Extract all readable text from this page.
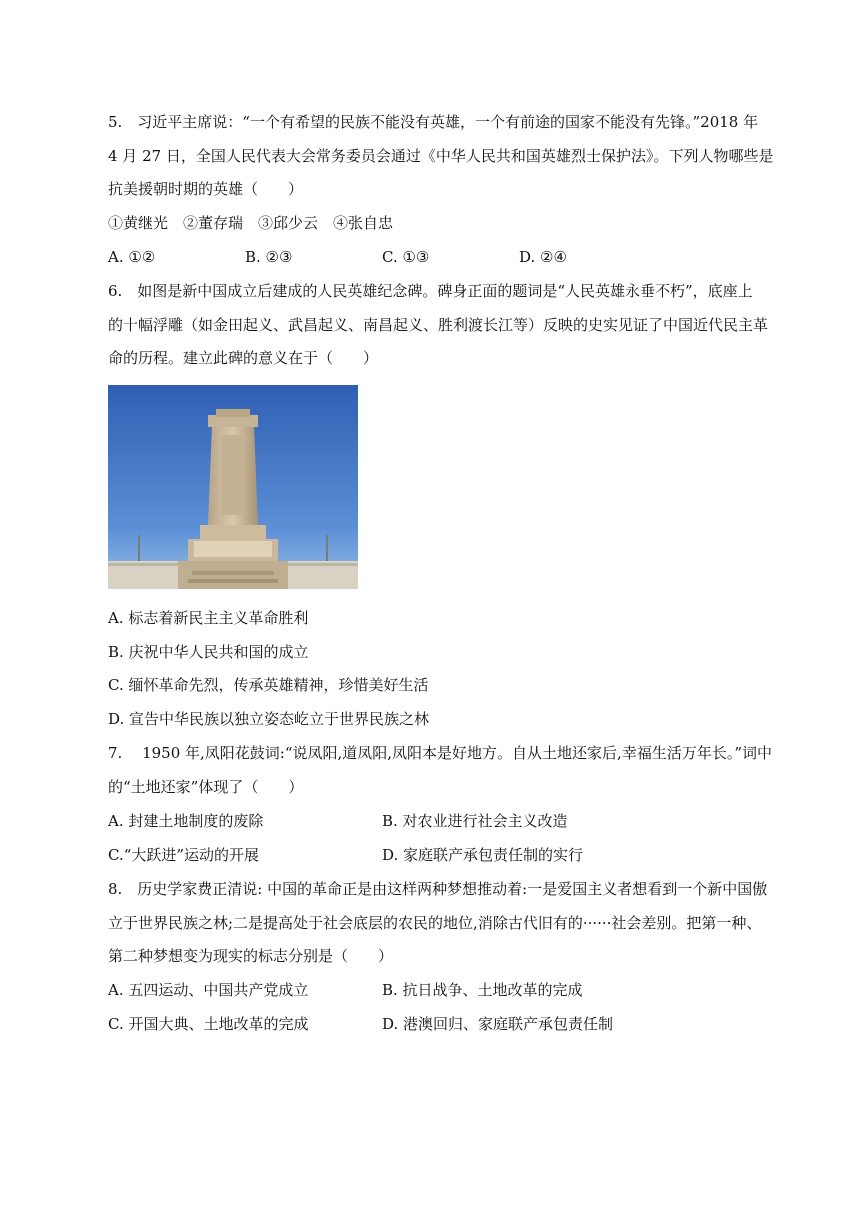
5.　习近平主席说：“一个有希望的民族不能没有英雄，一个有前途的国家不能没有先锋。”2018 年
4 月 27 日，全国人民代表大会常务委员会通过《中华人民共和国英雄烈士保护法》。下列人物哪些是
抗美援朝时期的英雄（　　）
①黄继光　②董存瑞　③邱少云　④张自忠
A. ①②	B. ②③	C. ①③	D. ②④
6.　如图是新中国成立后建成的人民英雄纪念碑。碑身正面的题词是“人民英雄永垂不朽”，底座上
的十幅浮雕（如金田起义、武昌起义、南昌起义、胜利渡长江等）反映的史实见证了中国近代民主革
命的历程。建立此碑的意义在于（　　）
A. 标志着新民主主义革命胜利
B. 庆祝中华人民共和国的成立
C. 缅怀革命先烈，传承英雄精神，珍惜美好生活
D. 宣告中华民族以独立姿态屹立于世界民族之林
7.　 1950 年,凤阳花鼓词:“说凤阳,道凤阳,凤阳本是好地方。自从土地还家后,幸福生活万年长。”词中
的“土地还家”体现了（　　）
A. 封建土地制度的废除	B. 对农业进行社会主义改造
C.“大跃进”运动的开展	D. 家庭联产承包责任制的实行
8.　历史学家费正清说: 中国的革命正是由这样两种梦想推动着:一是爱国主义者想看到一个新中国傲
立于世界民族之林;二是提高处于社会底层的农民的地位,消除古代旧有的······社会差别。把第一种、
第二种梦想变为现实的标志分别是（　　）
A. 五四运动、中国共产党成立	B. 抗日战争、土地改革的完成
C. 开国大典、土地改革的完成	D. 港澳回归、家庭联产承包责任制
